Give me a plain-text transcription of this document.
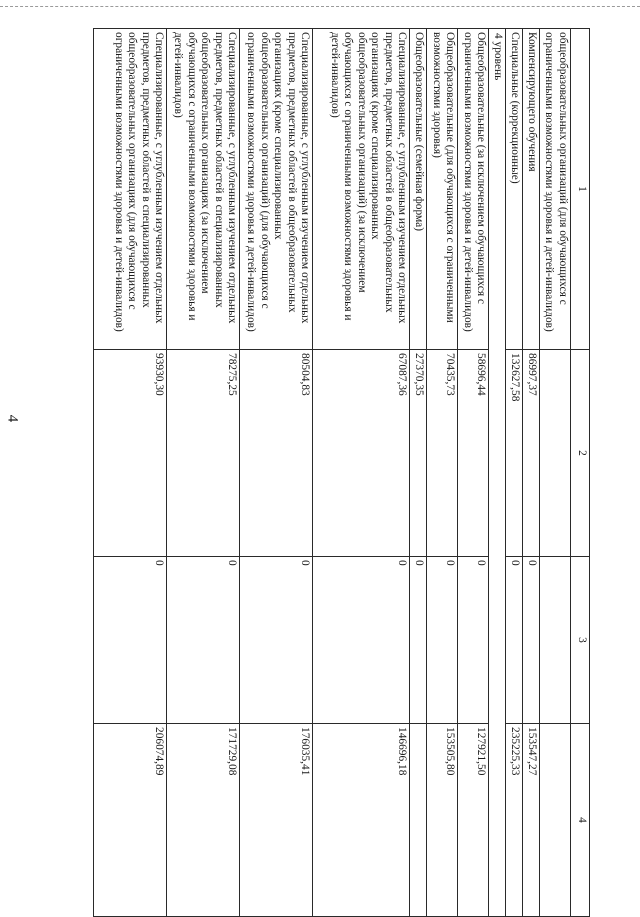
4
1	2	3	4
общеобразовательных организаций (для обучающихся с ограниченными возможностями здоровья и детей-инвалидов)			
Компенсирующего обучения	86997,37	0	153547,27
Специальные (коррекционные)	132627,58	0	235225,33
4 уровень			
Общеобразовательные (за исключением обучающихся с ограниченными возможностями здоровья и детей-инвалидов)	58696,44	0	127921,50
Общеобразовательные (для обучающихся с ограниченными возможностями здоровья)	70435,73	0	153505,80
Общеобразовательные (семейная форма)	27370,35	0	
Специализированные, с углубленным изучением отдельных предметов, предметных областей в общеобразовательных организациях (кроме специализированных общеобразовательных организаций) (за исключением обучающихся с ограниченными возможностями здоровья и детей-инвалидов)	67087,36	0	146696,18
Специализированные, с углубленным изучением отдельных предметов, предметных областей в общеобразовательных организациях (кроме специализированных общеобразовательных организаций) (для обучающихся с ограниченными возможностями здоровья и детей-инвалидов)	80504,83	0	176035,41
Специализированные, с углубленным изучением отдельных предметов, предметных областей в специализированных общеобразовательных организациях (за исключением обучающихся с ограниченными возможностями здоровья и детей-инвалидов)	78275,25	0	171729,08
Специализированные, с углубленным изучением отдельных предметов, предметных областей в специализированных общеобразовательных организациях (для обучающихся с ограниченными возможностями здоровья и детей-инвалидов)	93930,30	0	206074,89
